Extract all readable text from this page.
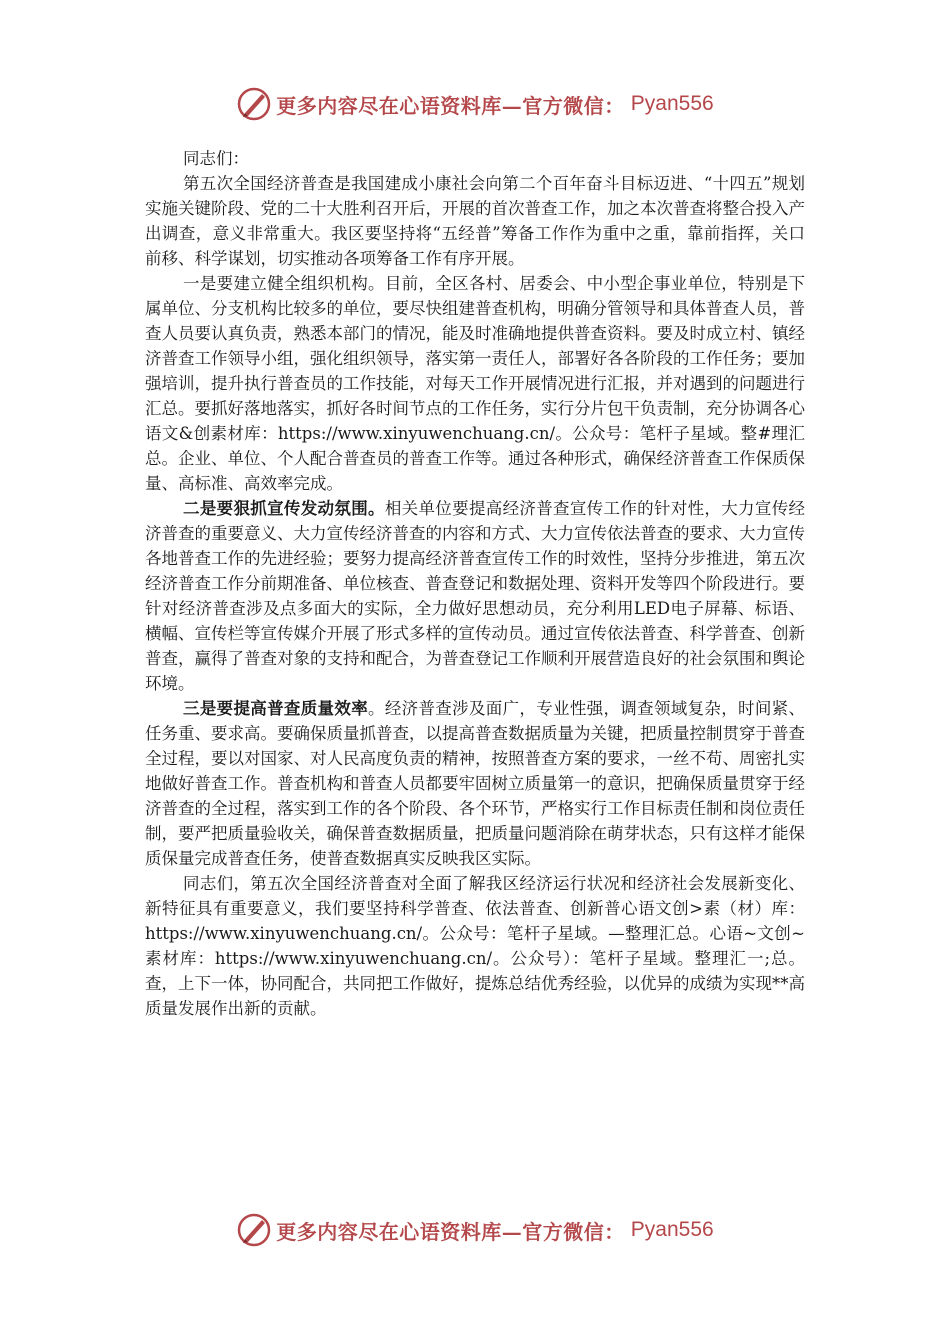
更多内容尽在心语资料库—官方微信： Pyan556

同志们：

第五次全国经济普查是我国建成小康社会向第二个百年奋斗目标迈进、“十四五”规划实施关键阶段、党的二十大胜利召开后，开展的首次普查工作，加之本次普查将整合投入产出调查，意义非常重大。我区要坚持将“五经普”筹备工作作为重中之重，靠前指挥，关口前移、科学谋划，切实推动各项筹备工作有序开展。

一是要建立健全组织机构。目前，全区各村、居委会、中小型企事业单位，特别是下属单位、分支机构比较多的单位，要尽快组建普查机构，明确分管领导和具体普查人员，普查人员要认真负责，熟悉本部门的情况，能及时准确地提供普查资料。要及时成立村、镇经济普查工作领导小组，强化组织领导，落实第一责任人，部署好各各阶段的工作任务；要加强培训，提升执行普查员的工作技能，对每天工作开展情况进行汇报，并对遇到的问题进行汇总。要抓好落地落实，抓好各时间节点的工作任务，实行分片包干负责制，充分协调各心语文&创素材库：https://www.xinyuwenchuang.cn/。公众号：笔杆子星域。整#理汇总。企业、单位、个人配合普查员的普查工作等。通过各种形式，确保经济普查工作保质保量、高标准、高效率完成。

二是要狠抓宣传发动氛围。相关单位要提高经济普查宣传工作的针对性，大力宣传经济普查的重要意义、大力宣传经济普查的内容和方式、大力宣传依法普查的要求、大力宣传各地普查工作的先进经验；要努力提高经济普查宣传工作的时效性，坚持分步推进，第五次经济普查工作分前期准备、单位核查、普查登记和数据处理、资料开发等四个阶段进行。要针对经济普查涉及点多面大的实际，全力做好思想动员，充分利用LED电子屏幕、标语、横幅、宣传栏等宣传媒介开展了形式多样的宣传动员。通过宣传依法普查、科学普查、创新普查，赢得了普查对象的支持和配合，为普查登记工作顺利开展营造良好的社会氛围和舆论环境。

三是要提高普查质量效率。经济普查涉及面广，专业性强，调查领域复杂，时间紧、任务重、要求高。要确保质量抓普查，以提高普查数据质量为关键，把质量控制贯穿于普查全过程，要以对国家、对人民高度负责的精神，按照普查方案的要求，一丝不苟、周密扎实地做好普查工作。普查机构和普查人员都要牢固树立质量第一的意识，把确保质量贯穿于经济普查的全过程，落实到工作的各个阶段、各个环节，严格实行工作目标责任制和岗位责任制，要严把质量验收关，确保普查数据质量，把质量问题消除在萌芽状态，只有这样才能保质保量完成普查任务，使普查数据真实反映我区实际。

同志们，第五次全国经济普查对全面了解我区经济运行状况和经济社会发展新变化、新特征具有重要意义，我们要坚持科学普查、依法普查、创新普心语文创>素（材）库：https://www.xinyuwenchuang.cn/。公众号：笔杆子星域。—整理汇总。心语~文创~素材库：https://www.xinyuwenchuang.cn/。公众号）：笔杆子星域。整理汇一;总。查，上下一体，协同配合，共同把工作做好，提炼总结优秀经验，以优异的成绩为实现**高质量发展作出新的贡献。

更多内容尽在心语资料库—官方微信： Pyan556
